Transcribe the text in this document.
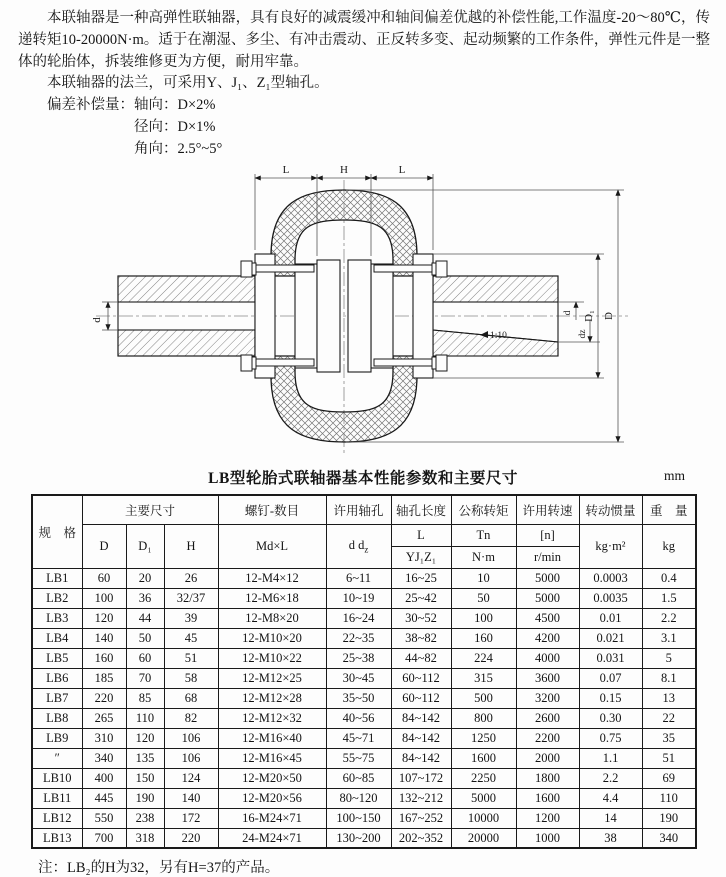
本联轴器是一种高弹性联轴器，具有良好的减震缓冲和轴间偏差优越的补偿性能,工作温度-20～80℃，传递转矩10-20000N·m。适于在潮湿、多尘、有冲击震动、正反转多变、起动频繁的工作条件，弹性元件是一整体的轮胎体，拆装维修更为方便，耐用牢靠。

本联轴器的法兰，可采用Y、J₁、Z₁型轴孔。

偏差补偿量： 轴向：D×2%
径向：D×1%
角向：2.5°~5°
1:10
L	H	L
d
d
dz
D₁ D
LB型轮胎式联轴器基本性能参数和主要尺寸	mm
规　格	主要尺寸			螺钉-数目	许用轴孔	轴孔长度	公称转矩	许用转速	转动惯量	重　量
	D	D₁	H	Md×L	d $d_z$	L	Tn	[n]	kg·m²	kg
						YJ₁Z₁	N·m	r/min		
LB1	60	20	26	12-M4×12	6~11	16~25	10	5000	0.0003	0.4
LB2	100	36	32/37	12-M6×18	10~19	25~42	50	5000	0.0035	1.5
LB3	120	44	39	12-M8×20	16~24	30~52	100	4500	0.01	2.2
LB4	140	50	45	12-M10×20	22~35	38~82	160	4200	0.021	3.1
LB5	160	60	51	12-M10×22	25~38	44~82	224	4000	0.031	5
LB6	185	70	58	12-M12×25	30~45	60~112	315	3600	0.07	8.1
LB7	220	85	68	12-M12×28	35~50	60~112	500	3200	0.15	13
LB8	265	110	82	12-M12×32	40~56	84~142	800	2600	0.30	22
LB9	310	120	106	12-M16×40	45~71	84~142	1250	2200	0.75	35
″	340	135	106	12-M16×45	55~75	84~142	1600	2000	1.1	51
LB10	400	150	124	12-M20×50	60~85	107~172	2250	1800	2.2	69
LB11	445	190	140	12-M20×56	80~120	132~212	5000	1600	4.4	110
LB12	550	238	172	16-M24×71	100~150	167~252	10000	1200	14	190
LB13	700	318	220	24-M24×71	130~200	202~352	20000	1000	38	340

注：LB₂的H为32，另有H=37的产品。
